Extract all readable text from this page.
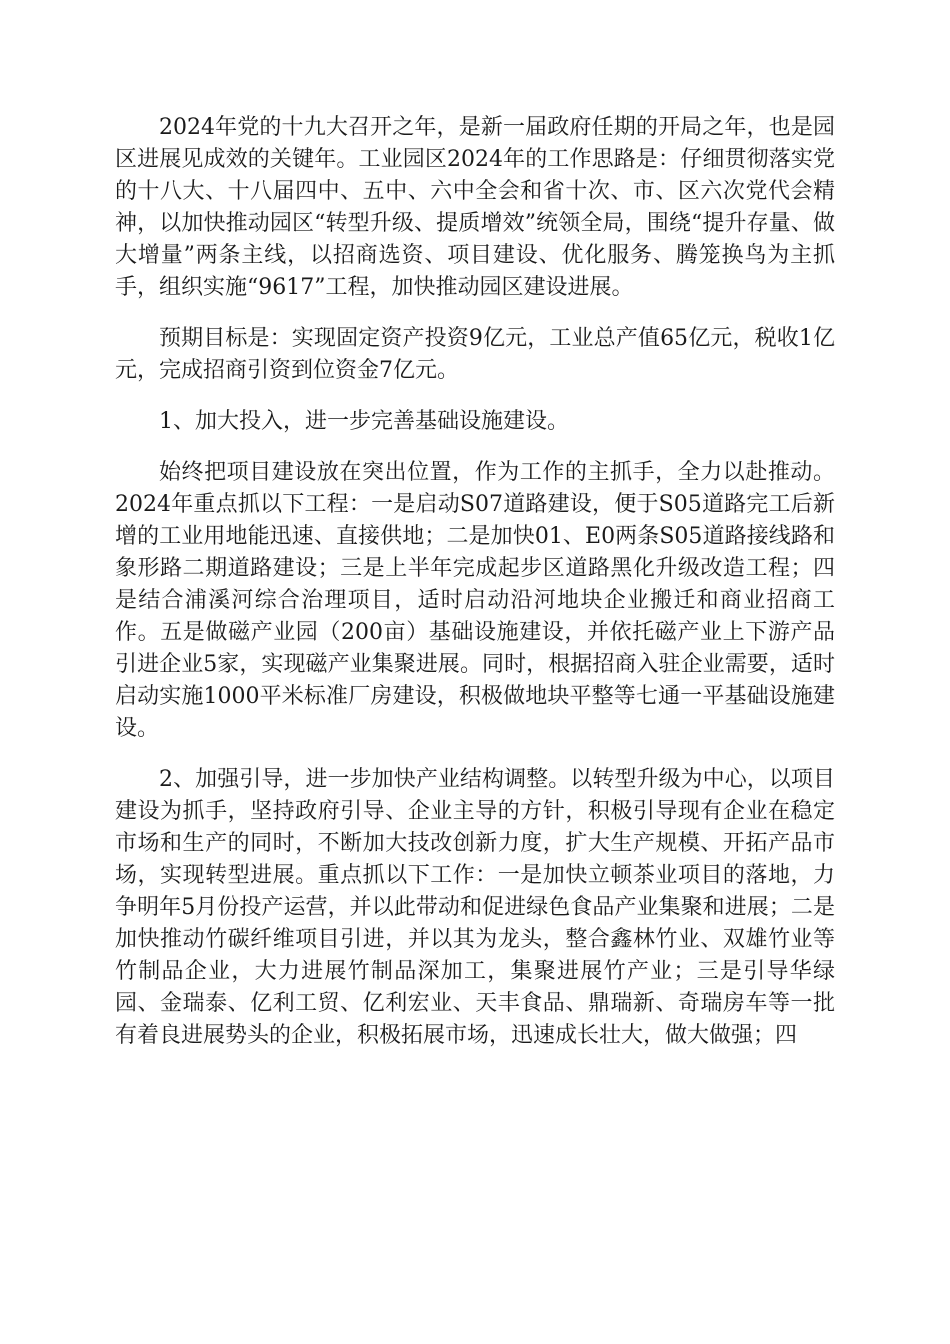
2024年党的十九大召开之年，是新一届政府任期的开局之年，也是园区进展见成效的关键年。工业园区2024年的工作思路是：仔细贯彻落实党的十八大、十八届四中、五中、六中全会和省十次、市、区六次党代会精神，以加快推动园区“转型升级、提质增效”统领全局，围绕“提升存量、做大增量”两条主线，以招商选资、项目建设、优化服务、腾笼换鸟为主抓手，组织实施“9617”工程，加快推动园区建设进展。

预期目标是：实现固定资产投资9亿元，工业总产值65亿元，税收1亿元，完成招商引资到位资金7亿元。

1、加大投入，进一步完善基础设施建设。

始终把项目建设放在突出位置，作为工作的主抓手，全力以赴推动。2024年重点抓以下工程：一是启动S07道路建设，便于S05道路完工后新增的工业用地能迅速、直接供地；二是加快01、E0两条S05道路接线路和象形路二期道路建设；三是上半年完成起步区道路黑化升级改造工程；四是结合浦溪河综合治理项目，适时启动沿河地块企业搬迁和商业招商工作。五是做磁产业园（200亩）基础设施建设，并依托磁产业上下游产品引进企业5家，实现磁产业集聚进展。同时，根据招商入驻企业需要，适时启动实施1000平米标准厂房建设，积极做地块平整等七通一平基础设施建设。

2、加强引导，进一步加快产业结构调整。以转型升级为中心，以项目建设为抓手，坚持政府引导、企业主导的方针，积极引导现有企业在稳定市场和生产的同时，不断加大技改创新力度，扩大生产规模、开拓产品市场，实现转型进展。重点抓以下工作：一是加快立顿茶业项目的落地，力争明年5月份投产运营，并以此带动和促进绿色食品产业集聚和进展；二是加快推动竹碳纤维项目引进，并以其为龙头，整合鑫林竹业、双雄竹业等竹制品企业，大力进展竹制品深加工，集聚进展竹产业；三是引导华绿园、金瑞泰、亿利工贸、亿利宏业、天丰食品、鼎瑞新、奇瑞房车等一批有着良进展势头的企业，积极拓展市场，迅速成长壮大，做大做强；四
